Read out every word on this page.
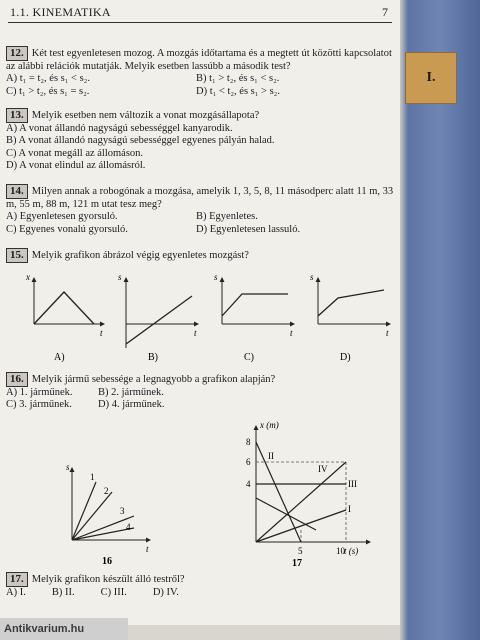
1.1. KINEMATIKA	7
12. Két test egyenletesen mozog. A mozgás időtartama és a megtett út közötti kapcsolatot az alábbi relációk mutatják. Melyik esetben lassúbb a második test?
A) t₁ = t₂, és s₁ < s₂.	B) t₁ > t₂, és s₁ < s₂.
C) t₁ > t₂, és s₁ = s₂.	D) t₁ < t₂, és s₁ > s₂.
13. Melyik esetben nem változik a vonat mozgásállapota?
A) A vonat állandó nagyságú sebességgel kanyarodik.
B) A vonat állandó nagyságú sebességgel egyenes pályán halad.
C) A vonat megáll az állomáson.
D) A vonat elindul az állomásról.
14. Milyen annak a robogónak a mozgása, amelyik 1, 3, 5, 8, 11 másodperc alatt 11 m, 33 m, 55 m, 88 m, 121 m utat tesz meg?
A) Egyenletesen gyorsuló.	B) Egyenletes.
C) Egyenes vonalú gyorsuló.	D) Egyenletesen lassuló.
15. Melyik grafikon ábrázol végig egyenletes mozgást?
x
t
A)
s
t
B)
s
t
C)
s
t
D)
16. Melyik jármű sebessége a legnagyobb a grafikon alapján?
A) 1. járműnek.	B) 2. járműnek.
C) 3. járműnek.	D) 4. járműnek.
s
t
1
2
3
4
16
x (m)
t (s)
8
6
4
5	10
I
II
III
IV
17
17. Melyik grafikon készült álló testről?
A) I. B) II. C) III. D) IV.
I.
Antikvarium.hu
